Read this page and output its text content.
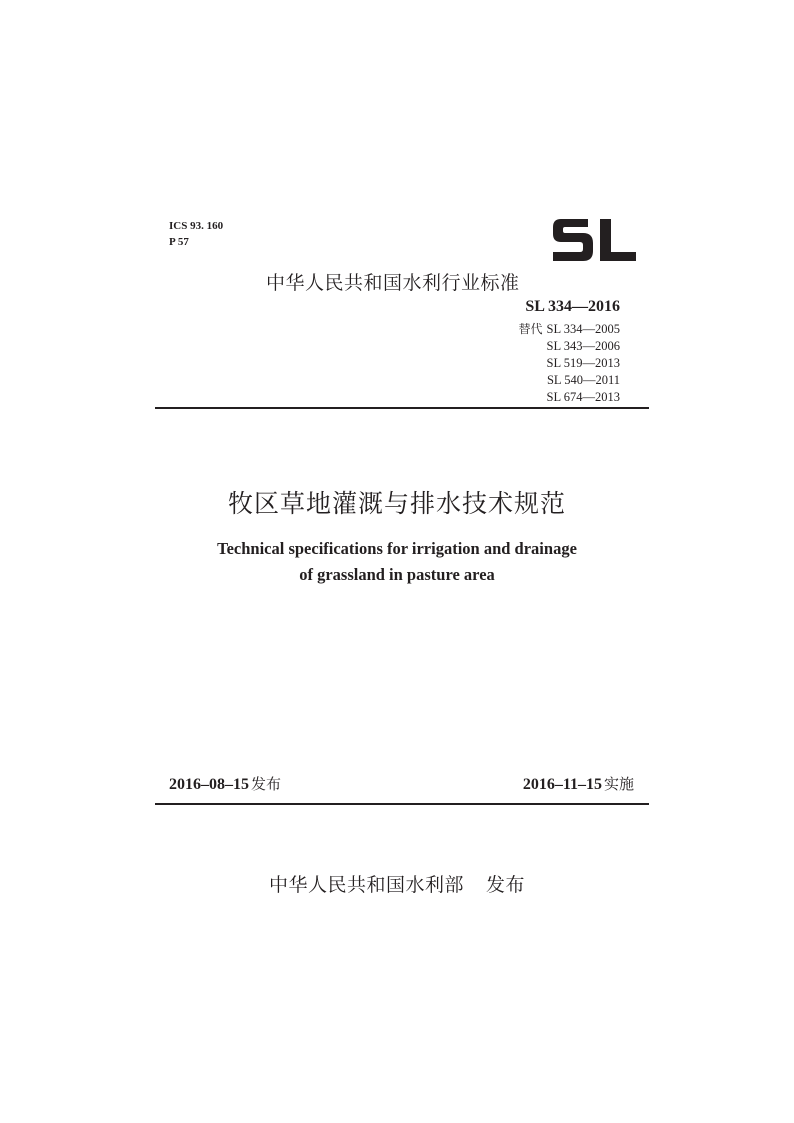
ICS 93. 160
P 57
中华人民共和国水利行业标准
SL 334—2016
替代 SL 334—2005
SL 343—2006
SL 519—2013
SL 540—2011
SL 674—2013
牧区草地灌溉与排水技术规范
Technical specifications for irrigation and drainage
of grassland in pasture area
2016–08–15 发布	2016–11–15 实施
中华人民共和国水利部 发布
